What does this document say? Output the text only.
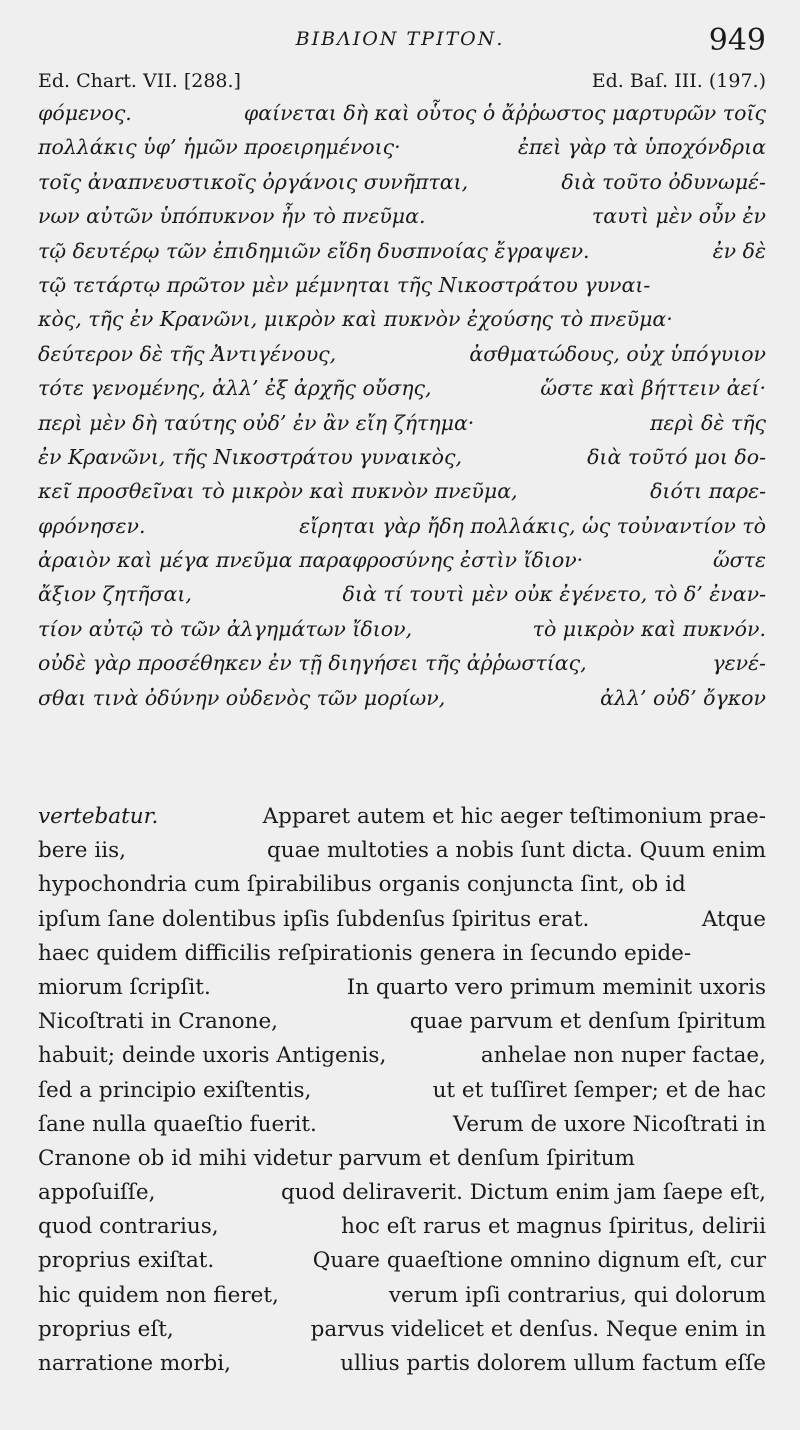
BIBΛΙΟΝ ΤΡΙΤΟΝ.	949
Ed. Chart. VII. [288.]	Ed. Baſ. III. (197.)
φόμενος.	φαίνεται δὴ καὶ οὗτος ὁ ἄῤῥωστος μαρτυρῶν τοῖς
πολλάκις ὑφ’ ἡμῶν προειρημένοις·	ἐπεὶ γὰρ τὰ ὑποχόνδρια
τοῖς ἀναπνευστικοῖς ὀργάνοις συνῆπται,	διὰ τοῦτο ὀδυνωμέ-
νων αὐτῶν ὑπόπυκνον ἦν τὸ πνεῦμα.	ταυτὶ μὲν οὖν ἐν
τῷ δευτέρῳ τῶν ἐπιδημιῶν εἴδη δυσπνοίας ἔγραψεν.	ἐν δὲ
τῷ τετάρτῳ πρῶτον μὲν μέμνηται τῆς Νικοστράτου γυναι-
κὸς, τῆς ἐν Κρανῶνι, μικρὸν καὶ πυκνὸν ἐχούσης τὸ πνεῦμα·
δεύτερον δὲ τῆς Ἀντιγένους,	ἀσθματώδους, οὐχ ὑπόγυιον
τότε γενομένης, ἀλλ’ ἐξ ἀρχῆς οὔσης,	ὥστε καὶ βήττειν ἀεί·
περὶ μὲν δὴ ταύτης οὐδ’ ἐν ἂν εἴη ζήτημα·	περὶ δὲ τῆς
ἐν Κρανῶνι, τῆς Νικοστράτου γυναικὸς,	διὰ τοῦτό μοι δο-
κεῖ προσθεῖναι τὸ μικρὸν καὶ πυκνὸν πνεῦμα,	διότι παρε-
φρόνησεν.	εἴρηται γὰρ ἤδη πολλάκις, ὡς τοὐναντίον τὸ
ἀραιὸν καὶ μέγα πνεῦμα παραφροσύνης ἐστὶν ἴδιον·	ὥστε
ἄξιον ζητῆσαι,	διὰ τί τουτὶ μὲν οὐκ ἐγένετο, τὸ δ’ ἐναν-
τίον αὐτῷ τὸ τῶν ἀλγημάτων ἴδιον,	τὸ μικρὸν καὶ πυκνόν.
οὐδὲ γὰρ προσέθηκεν ἐν τῇ διηγήσει τῆς ἀῤῥωστίας,	γενέ-
σθαι τινὰ ὀδύνην οὐδενὸς τῶν μορίων,	ἀλλ’ οὐδ’ ὄγκον
vertebatur.	Apparet autem et hic aeger teſtimonium prae-
bere iis,	quae multoties a nobis ſunt dicta. Quum enim
hypochondria cum ſpirabilibus organis conjuncta ſint, ob id
ipſum ſane dolentibus ipſis ſubdenſus ſpiritus erat.	Atque
haec quidem difficilis reſpirationis genera in ſecundo epide-
miorum ſcripſit.	In quarto vero primum meminit uxoris
Nicoſtrati in Cranone,	quae parvum et denſum ſpiritum
habuit; deinde uxoris Antigenis,	anhelae non nuper factae,
ſed a principio exiſtentis,	ut et tuſſiret ſemper; et de hac
ſane nulla quaeſtio fuerit.	Verum de uxore Nicoſtrati in
Cranone ob id mihi videtur parvum et denſum ſpiritum
appoſuiſſe,	quod deliraverit. Dictum enim jam ſaepe eſt,
quod contrarius,	hoc eſt rarus et magnus ſpiritus, delirii
proprius exiſtat.	Quare quaeſtione omnino dignum eſt, cur
hic quidem non fieret,	verum ipſi contrarius, qui dolorum
proprius eſt,	parvus videlicet et denſus. Neque enim in
narratione morbi,	ullius partis dolorem ullum factum eſſe
